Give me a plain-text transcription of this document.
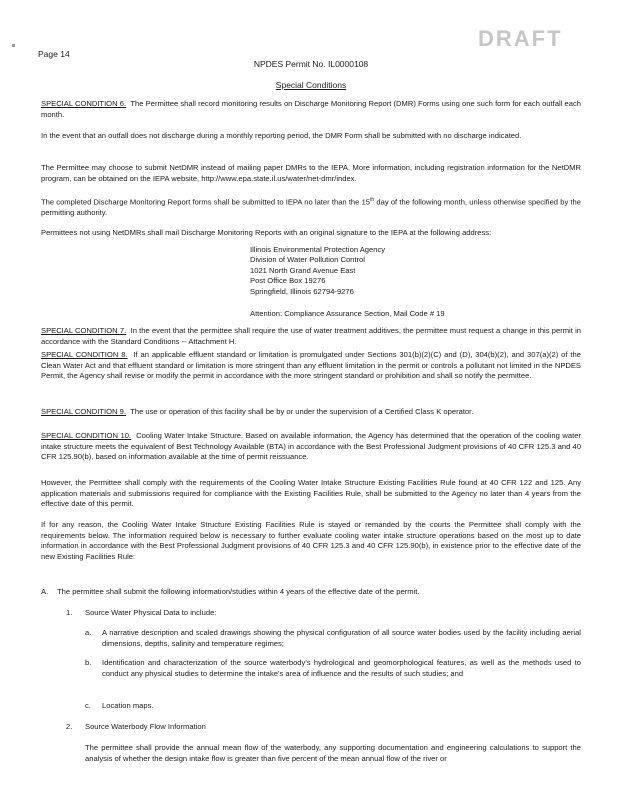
DRAFT
Page 14
NPDES Permit No. IL0000108
Special Conditions

SPECIAL CONDITION 6. The Permittee shall record monitoring results on Discharge Monitoring Report (DMR) Forms using one such form for each outfall each month.

In the event that an outfall does not discharge during a monthly reporting period, the DMR Form shall be submitted with no discharge indicated.

The Permittee may choose to submit NetDMR instead of mailing paper DMRs to the IEPA. More information, including registration information for the NetDMR program, can be obtained on the IEPA website, http://www.epa.state.il.us/water/net-dmr/index.

The completed Discharge Monitoring Report forms shall be submitted to IEPA no later than the 15th day of the following month, unless otherwise specified by the permitting authority.

Permittees not using NetDMRs shall mail Discharge Monitoring Reports with an original signature to the IEPA at the following address:

Illinois Environmental Protection Agency
Division of Water Pollution Control
1021 North Grand Avenue East
Post Office Box 19276
Springfield, Illinois 62794-9276
Attention: Compliance Assurance Section, Mail Code # 19

SPECIAL CONDITION 7. In the event that the permittee shall require the use of water treatment additives, the permittee must request a change in this permit in accordance with the Standard Conditions -- Attachment H.

SPECIAL CONDITION 8. If an applicable effluent standard or limitation is promulgated under Sections 301(b)(2)(C) and (D), 304(b)(2), and 307(a)(2) of the Clean Water Act and that effluent standard or limitation is more stringent than any effluent limitation in the permit or controls a pollutant not limited in the NPDES Permit, the Agency shall revise or modify the permit in accordance with the more stringent standard or prohibition and shall so notify the permittee.

SPECIAL CONDITION 9. The use or operation of this facility shall be by or under the supervision of a Certified Class K operator.

SPECIAL CONDITION 10. Cooling Water Intake Structure. Based on available information, the Agency has determined that the operation of the cooling water intake structure meets the equivalent of Best Technology Available (BTA) in accordance with the Best Professional Judgment provisions of 40 CFR 125.3 and 40 CFR 125.90(b), based on information available at the time of permit reissuance.

However, the Permittee shall comply with the requirements of the Cooling Water Intake Structure Existing Facilities Rule found at 40 CFR 122 and 125. Any application materials and submissions required for compliance with the Existing Facilities Rule, shall be submitted to the Agency no later than 4 years from the effective date of this permit.

If for any reason, the Cooling Water Intake Structure Existing Facilities Rule is stayed or remanded by the courts the Permittee shall comply with the requirements below. The information required below is necessary to further evaluate cooling water intake structure operations based on the most up to date information in accordance with the Best Professional Judgment provisions of 40 CFR 125.3 and 40 CFR 125.90(b), in existence prior to the effective date of the new Existing Facilities Rule:

A. The permittee shall submit the following information/studies within 4 years of the effective date of the permit.
1. Source Water Physical Data to include:
a. A narrative description and scaled drawings showing the physical configuration of all source water bodies used by the facility including aerial dimensions, depths, salinity and temperature regimes;
b. Identification and characterization of the source waterbody's hydrological and geomorphological features, as well as the methods used to conduct any physical studies to determine the intake's area of influence and the results of such studies; and
c. Location maps.
2. Source Waterbody Flow Information
The permittee shall provide the annual mean flow of the waterbody, any supporting documentation and engineering calculations to support the analysis of whether the design intake flow is greater than five percent of the mean annual flow of the river or
